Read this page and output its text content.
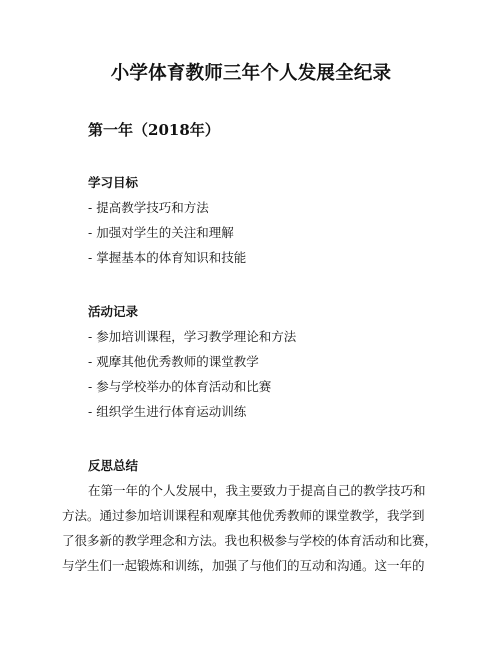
小学体育教师三年个人发展全纪录
第一年（2018年）
学习目标
- 提高教学技巧和方法
- 加强对学生的关注和理解
- 掌握基本的体育知识和技能
活动记录
- 参加培训课程，学习教学理论和方法
- 观摩其他优秀教师的课堂教学
- 参与学校举办的体育活动和比赛
- 组织学生进行体育运动训练
反思总结
在第一年的个人发展中，我主要致力于提高自己的教学技巧和
方法。通过参加培训课程和观摩其他优秀教师的课堂教学，我学到
了很多新的教学理念和方法。我也积极参与学校的体育活动和比赛，
与学生们一起锻炼和训练，加强了与他们的互动和沟通。这一年的
